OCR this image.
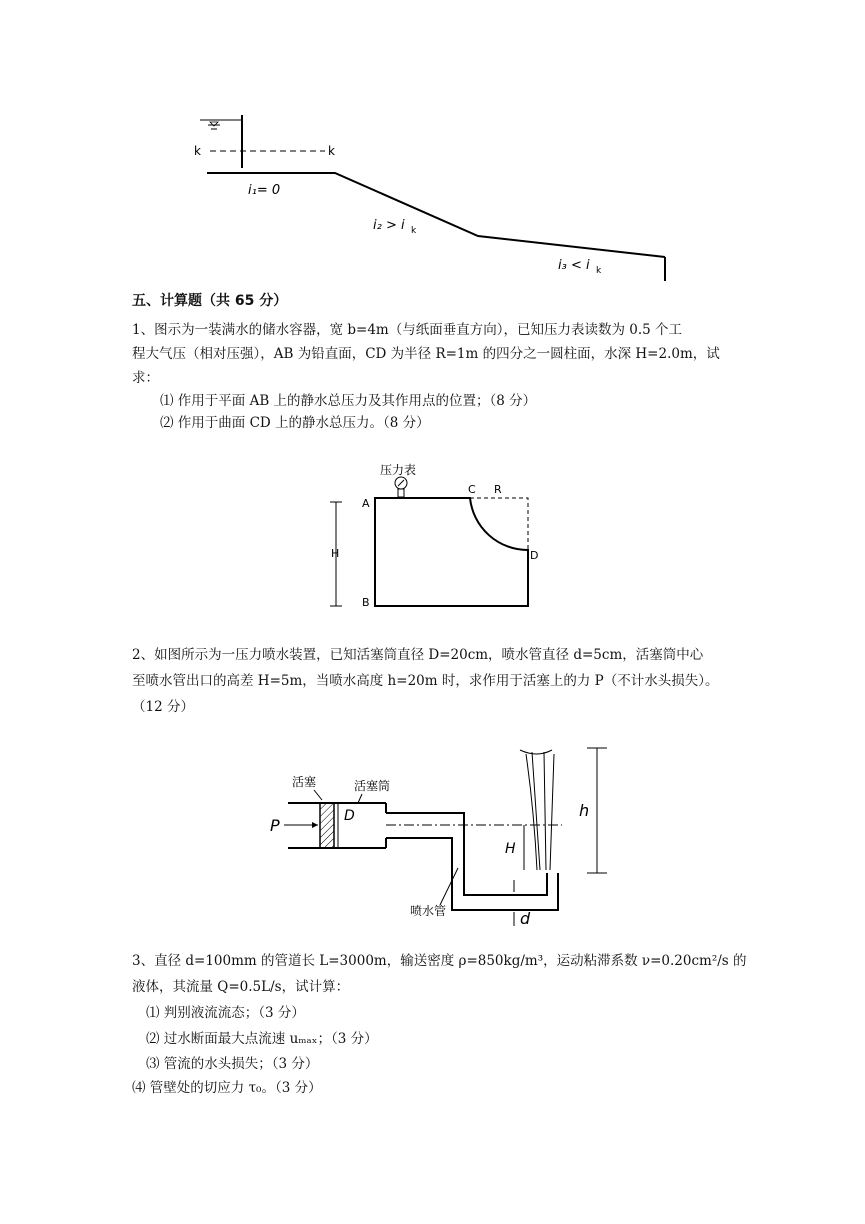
k	k
i₁= 0
i₂ > i k
i₃ < i k
五、计算题（共 65 分）
1、图示为一装满水的储水容器，宽 b=4m（与纸面垂直方向），已知压力表读数为 0.5 个工
程大气压（相对压强），AB 为铅直面，CD 为半径 R=1m 的四分之一圆柱面，水深 H=2.0m，试
求：
⑴ 作用于平面 AB 上的静水总压力及其作用点的位置；（8 分）
⑵ 作用于曲面 CD 上的静水总压力。（8 分）
压力表
A
B
C R
D
H
2、如图所示为一压力喷水装置，已知活塞筒直径 D=20cm，喷水管直径 d=5cm，活塞筒中心
至喷水管出口的高差 H=5m，当喷水高度 h=20m 时，求作用于活塞上的力 P（不计水头损失）。
（12 分）
活塞	活塞筒
P	D
H
h
d
喷水管
3、直径 d=100mm 的管道长 L=3000m，输送密度 ρ=850kg/m³，运动粘滞系数 ν=0.20cm²/s 的
液体，其流量 Q=0.5L/s，试计算：
⑴ 判别液流流态；（3 分）
⑵ 过水断面最大点流速 uₘₐₓ；（3 分）
⑶ 管流的水头损失；（3 分）
⑷ 管壁处的切应力 τ₀。（3 分）
